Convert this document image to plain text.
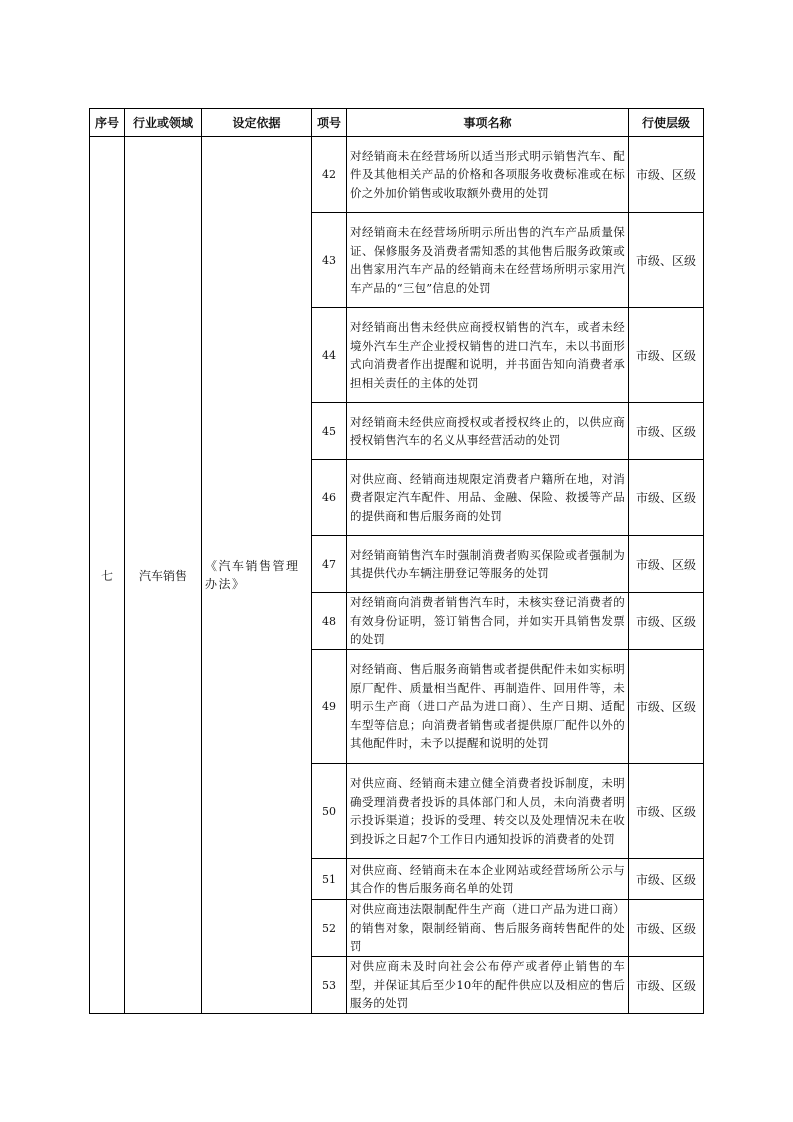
序号	行业或领域	设定依据	项号	事项名称	行使层级
七	汽车销售	《汽车销售管理办法》	42	对经销商未在经营场所以适当形式明示销售汽车、配件及其他相关产品的价格和各项服务收费标准或在标价之外加价销售或收取额外费用的处罚	市级、区级
			43	对经销商未在经营场所明示所出售的汽车产品质量保证、保修服务及消费者需知悉的其他售后服务政策或出售家用汽车产品的经销商未在经营场所明示家用汽车产品的“三包”信息的处罚	市级、区级
			44	对经销商出售未经供应商授权销售的汽车，或者未经境外汽车生产企业授权销售的进口汽车，未以书面形式向消费者作出提醒和说明，并书面告知向消费者承担相关责任的主体的处罚	市级、区级
			45	对经销商未经供应商授权或者授权终止的，以供应商授权销售汽车的名义从事经营活动的处罚	市级、区级
			46	对供应商、经销商违规限定消费者户籍所在地，对消费者限定汽车配件、用品、金融、保险、救援等产品的提供商和售后服务商的处罚	市级、区级
			47	对经销商销售汽车时强制消费者购买保险或者强制为其提供代办车辆注册登记等服务的处罚	市级、区级
			48	对经销商向消费者销售汽车时，未核实登记消费者的有效身份证明，签订销售合同，并如实开具销售发票的处罚	市级、区级
			49	对经销商、售后服务商销售或者提供配件未如实标明原厂配件、质量相当配件、再制造件、回用件等，未明示生产商（进口产品为进口商）、生产日期、适配车型等信息；向消费者销售或者提供原厂配件以外的其他配件时，未予以提醒和说明的处罚	市级、区级
			50	对供应商、经销商未建立健全消费者投诉制度，未明确受理消费者投诉的具体部门和人员，未向消费者明示投诉渠道；投诉的受理、转交以及处理情况未在收到投诉之日起7个工作日内通知投诉的消费者的处罚	市级、区级
			51	对供应商、经销商未在本企业网站或经营场所公示与其合作的售后服务商名单的处罚	市级、区级
			52	对供应商违法限制配件生产商（进口产品为进口商）的销售对象，限制经销商、售后服务商转售配件的处罚	市级、区级
			53	对供应商未及时向社会公布停产或者停止销售的车型，并保证其后至少10年的配件供应以及相应的售后服务的处罚	市级、区级
